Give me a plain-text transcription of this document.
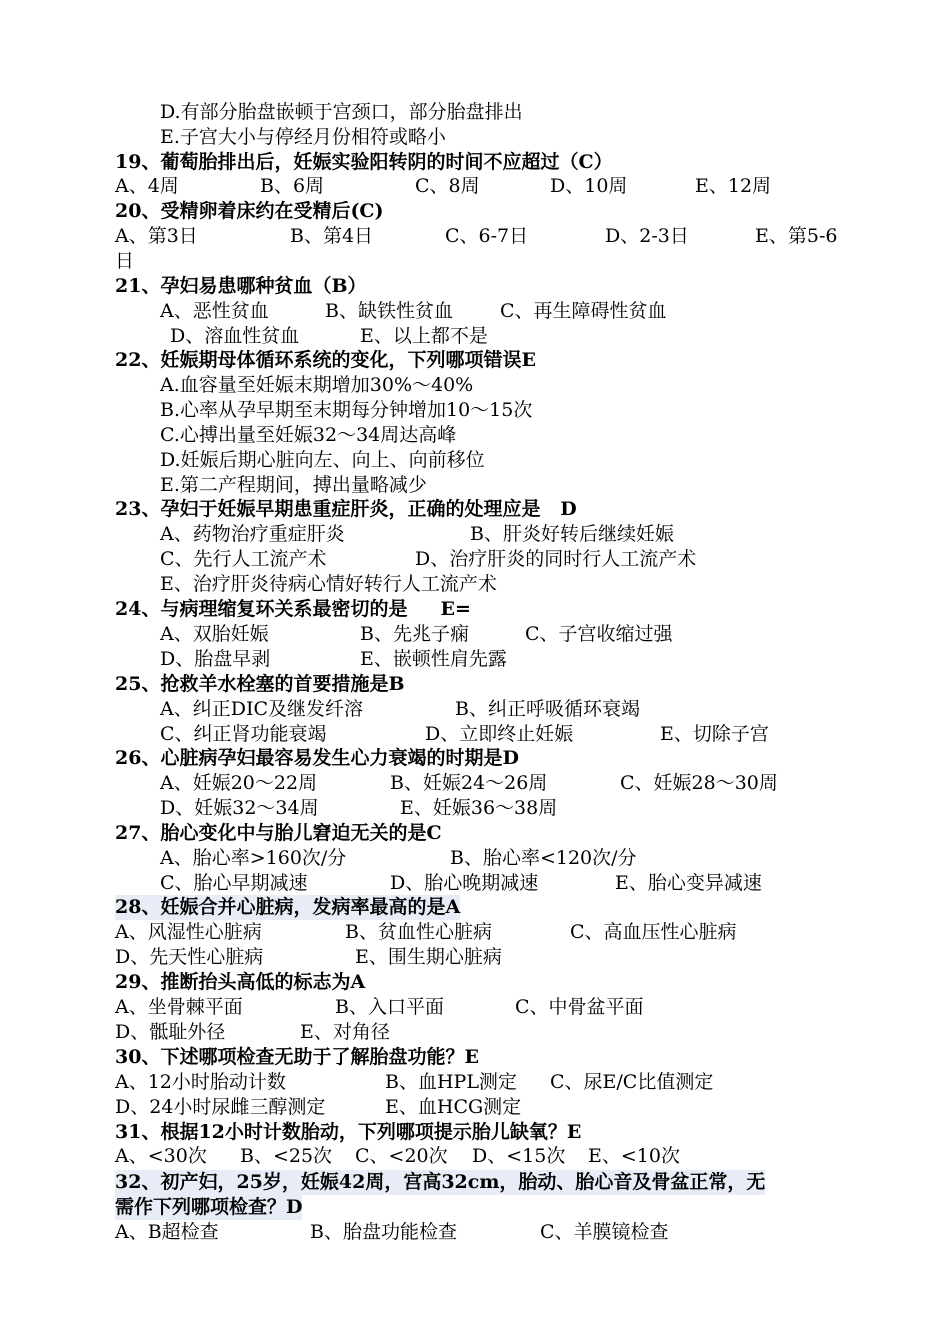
D.有部分胎盘嵌顿于宫颈口，部分胎盘排出
E.子宫大小与停经月份相符或略小
19、葡萄胎排出后，妊娠实验阳转阴的时间不应超过（C）
A、4周	B、6周	C、8周	D、10周	E、12周
20、受精卵着床约在受精后(C)
A、第3日	B、第4日	C、6-7日	D、2-3日	E、第5-6
日
21、孕妇易患哪种贫血（B）
A、恶性贫血	B、缺铁性贫血 C、再生障碍性贫血
D、溶血性贫血	E、以上都不是
22、妊娠期母体循环系统的变化，下列哪项错误E
A.血容量至妊娠末期增加30%～40%
B.心率从孕早期至末期每分钟增加10～15次
C.心搏出量至妊娠32～34周达高峰
D.妊娠后期心脏向左、向上、向前移位
E.第二产程期间，搏出量略减少
23、孕妇于妊娠早期患重症肝炎，正确的处理应是   D
A、药物治疗重症肝炎	B、肝炎好转后继续妊娠
C、先行人工流产术	D、治疗肝炎的同时行人工流产术
E、治疗肝炎待病心情好转行人工流产术
24、与病理缩复环关系最密切的是     E=
A、双胎妊娠	B、先兆子痫	C、子宫收缩过强
D、胎盘早剥	E、嵌顿性肩先露
25、抢救羊水栓塞的首要措施是B
A、纠正DIC及继发纤溶	B、纠正呼吸循环衰竭
C、纠正肾功能衰竭	D、立即终止妊娠	E、切除子宫
26、心脏病孕妇最容易发生心力衰竭的时期是D
A、妊娠20～22周	B、妊娠24～26周	C、妊娠28～30周
D、妊娠32～34周	E、妊娠36～38周
27、胎心变化中与胎儿窘迫无关的是C
A、胎心率>160次/分	B、胎心率<120次/分
C、胎心早期减速	D、胎心晚期减速	E、胎心变异减速
28、妊娠合并心脏病，发病率最高的是A
A、风湿性心脏病	B、贫血性心脏病	C、高血压性心脏病
D、先天性心脏病	E、围生期心脏病
29、推断抬头高低的标志为A
A、坐骨棘平面	B、入口平面	C、中骨盆平面
D、骶耻外径	E、对角径
30、下述哪项检查无助于了解胎盘功能？E
A、12小时胎动计数	B、血HPL测定 C、尿E/C比值测定
D、24小时尿雌三醇测定	E、血HCG测定
31、根据12小时计数胎动，下列哪项提示胎儿缺氧？E
A、<30次 B、<25次 C、<20次 D、<15次 E、<10次
32、初产妇，25岁，妊娠42周，宫高32cm，胎动、胎心音及骨盆正常，无
需作下列哪项检查？D
A、B超检查	B、胎盘功能检查	C、羊膜镜检查
